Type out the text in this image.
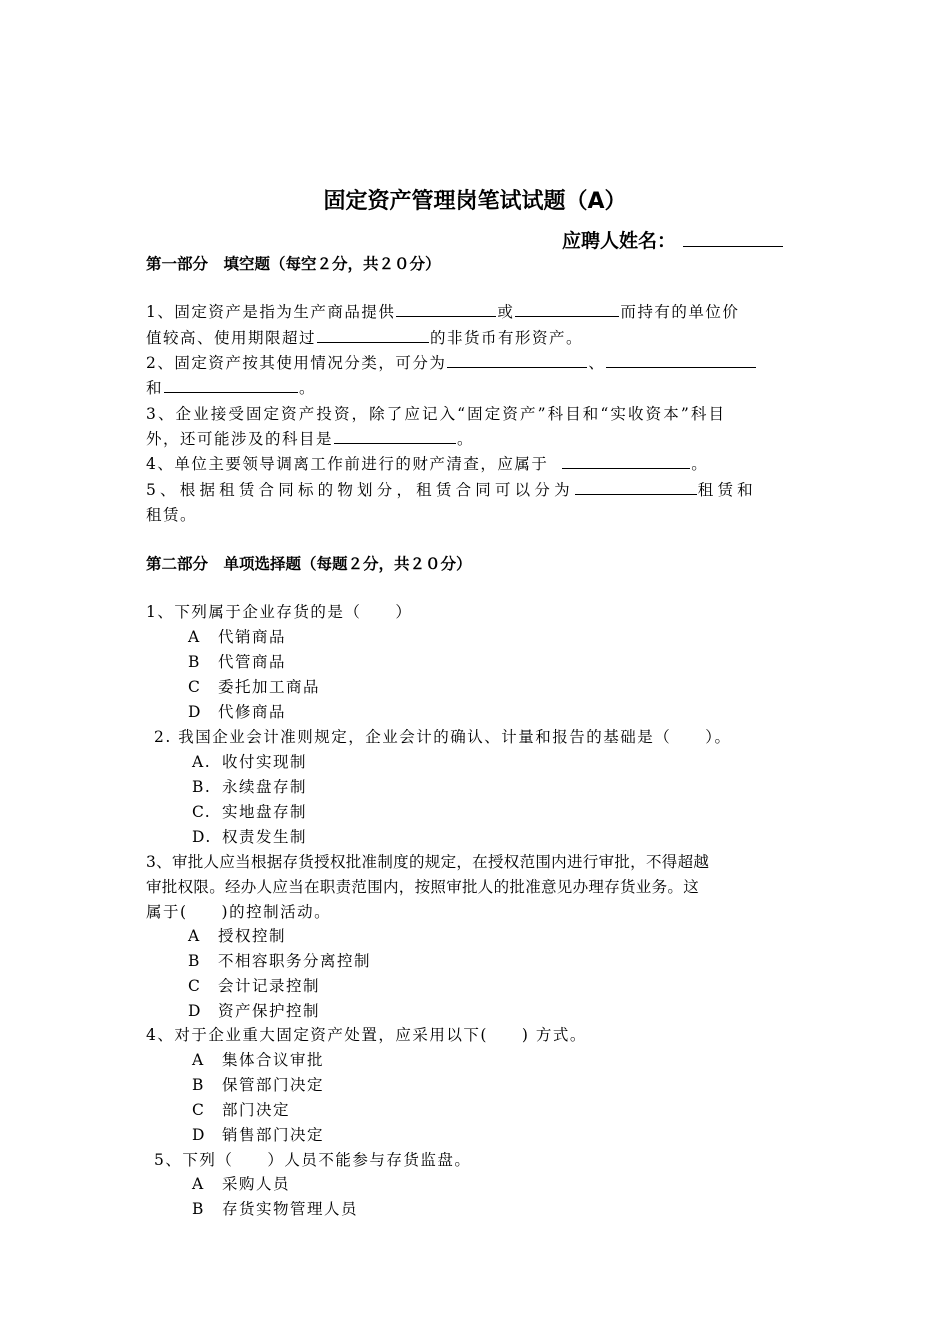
固定资产管理岗笔试试题（A）
应聘人姓名：
第一部分　填空题（每空２分，共２０分）
1、固定资产是指为生产商品提供	或	而持有的单位价
值较高、使用期限超过	的非货币有形资产。
2、固定资产按其使用情况分类，可分为	、
和	。
3、企业接受固定资产投资，除了应记入“固定资产”科目和“实收资本”科目
外，还可能涉及的科目是	。
4、单位主要领导调离工作前进行的财产清查，应属于	。
5、根据租赁合同标的物划分，租赁合同可以分为	租赁和
租赁。
第二部分　单项选择题（每题２分，共２０分）
1、下列属于企业存货的是（　　）
A 代销商品
B 代管商品
C 委托加工商品
D 代修商品
2. 我国企业会计准则规定，企业会计的确认、计量和报告的基础是（　　）。
A. 收付实现制
B. 永续盘存制
C. 实地盘存制
D. 权责发生制
3、审批人应当根据存货授权批准制度的规定，在授权范围内进行审批，不得超越
审批权限。经办人应当在职责范围内，按照审批人的批准意见办理存货业务。这
属于(　　)的控制活动。
A 授权控制
B 不相容职务分离控制
C 会计记录控制
D 资产保护控制
4、对于企业重大固定资产处置，应采用以下(　　) 方式。
A 集体合议审批
B 保管部门决定
C 部门决定
D 销售部门决定
5、下列（　　）人员不能参与存货监盘。
A 采购人员
B 存货实物管理人员
